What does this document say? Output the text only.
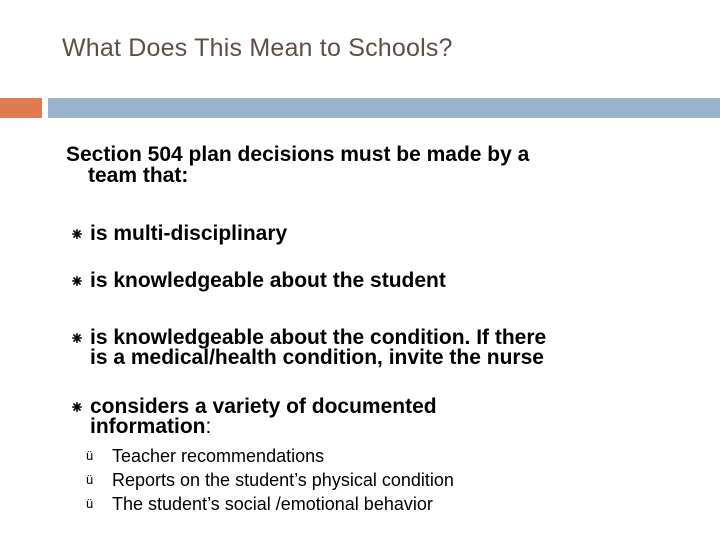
What Does This Mean to Schools?
Section 504 plan decisions must be made by a
team that:
is multi-disciplinary
is knowledgeable about the student
is knowledgeable about the condition. If there
is a medical/health condition, invite the nurse
considers a variety of documented
information:
ü Teacher recommendations
ü Reports on the student’s physical condition
ü The student’s social /emotional behavior
